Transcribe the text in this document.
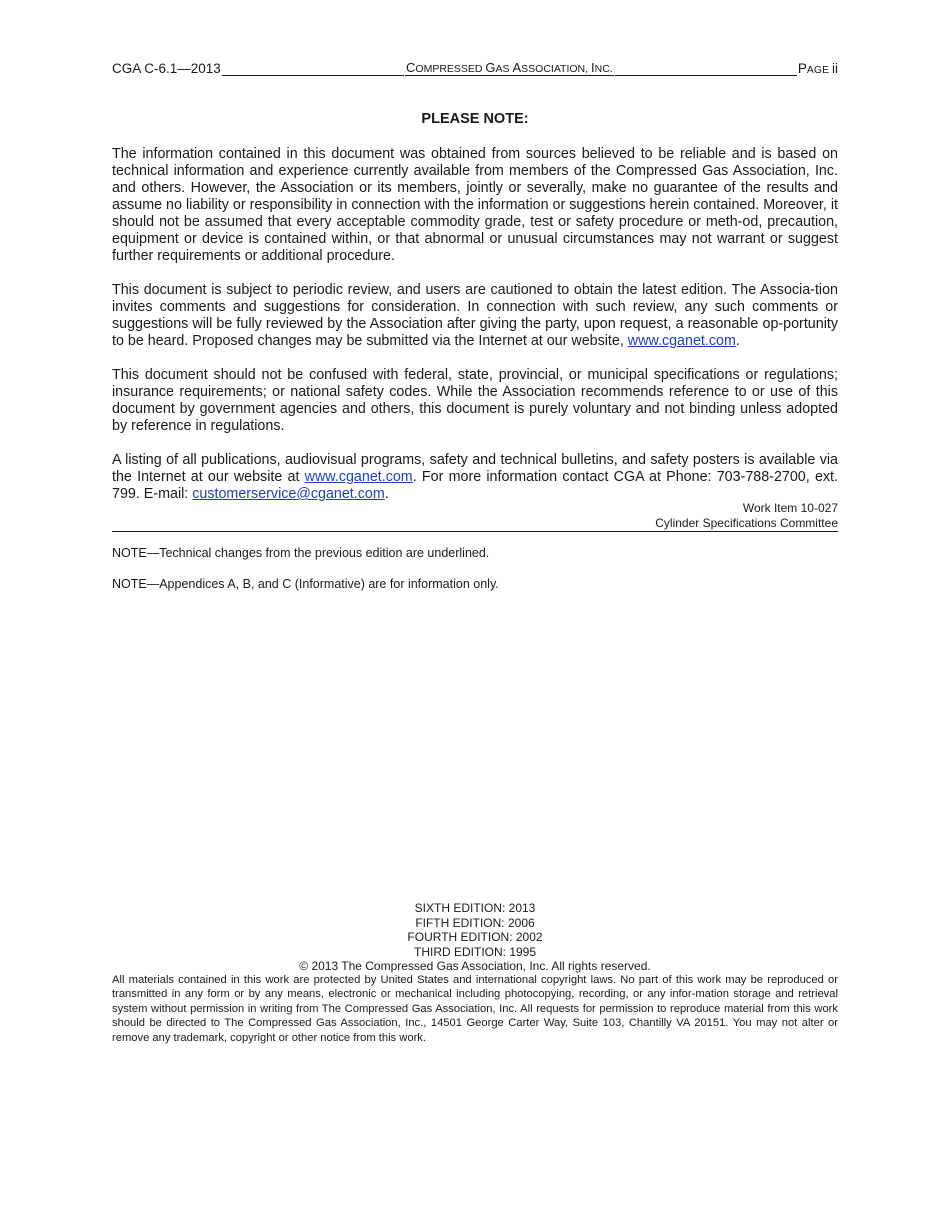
CGA C-6.1—2013	COMPRESSED GAS ASSOCIATION, INC.	PAGE ii
PLEASE NOTE:

The information contained in this document was obtained from sources believed to be reliable and is based on technical information and experience currently available from members of the Compressed Gas Association, Inc. and others. However, the Association or its members, jointly or severally, make no guarantee of the results and assume no liability or responsibility in connection with the information or suggestions herein contained. Moreover, it should not be assumed that every acceptable commodity grade, test or safety procedure or meth-od, precaution, equipment or device is contained within, or that abnormal or unusual circumstances may not warrant or suggest further requirements or additional procedure.

This document is subject to periodic review, and users are cautioned to obtain the latest edition. The Associa-tion invites comments and suggestions for consideration. In connection with such review, any such comments or suggestions will be fully reviewed by the Association after giving the party, upon request, a reasonable op-portunity to be heard. Proposed changes may be submitted via the Internet at our website, www.cganet.com.

This document should not be confused with federal, state, provincial, or municipal specifications or regulations; insurance requirements; or national safety codes. While the Association recommends reference to or use of this document by government agencies and others, this document is purely voluntary and not binding unless adopted by reference in regulations.

A listing of all publications, audiovisual programs, safety and technical bulletins, and safety posters is available via the Internet at our website at www.cganet.com. For more information contact CGA at Phone: 703-788-2700, ext. 799. E-mail: customerservice@cganet.com.

Work Item 10-027
Cylinder Specifications Committee
NOTE—Technical changes from the previous edition are underlined.
NOTE—Appendices A, B, and C (Informative) are for information only.
SIXTH EDITION: 2013
FIFTH EDITION: 2006
FOURTH EDITION: 2002
THIRD EDITION: 1995
© 2013 The Compressed Gas Association, Inc. All rights reserved.
All materials contained in this work are protected by United States and international copyright laws. No part of this work may be reproduced or transmitted in any form or by any means, electronic or mechanical including photocopying, recording, or any infor-mation storage and retrieval system without permission in writing from The Compressed Gas Association, Inc. All requests for permission to reproduce material from this work should be directed to The Compressed Gas Association, Inc., 14501 George Carter Way, Suite 103, Chantilly VA 20151. You may not alter or remove any trademark, copyright or other notice from this work.
